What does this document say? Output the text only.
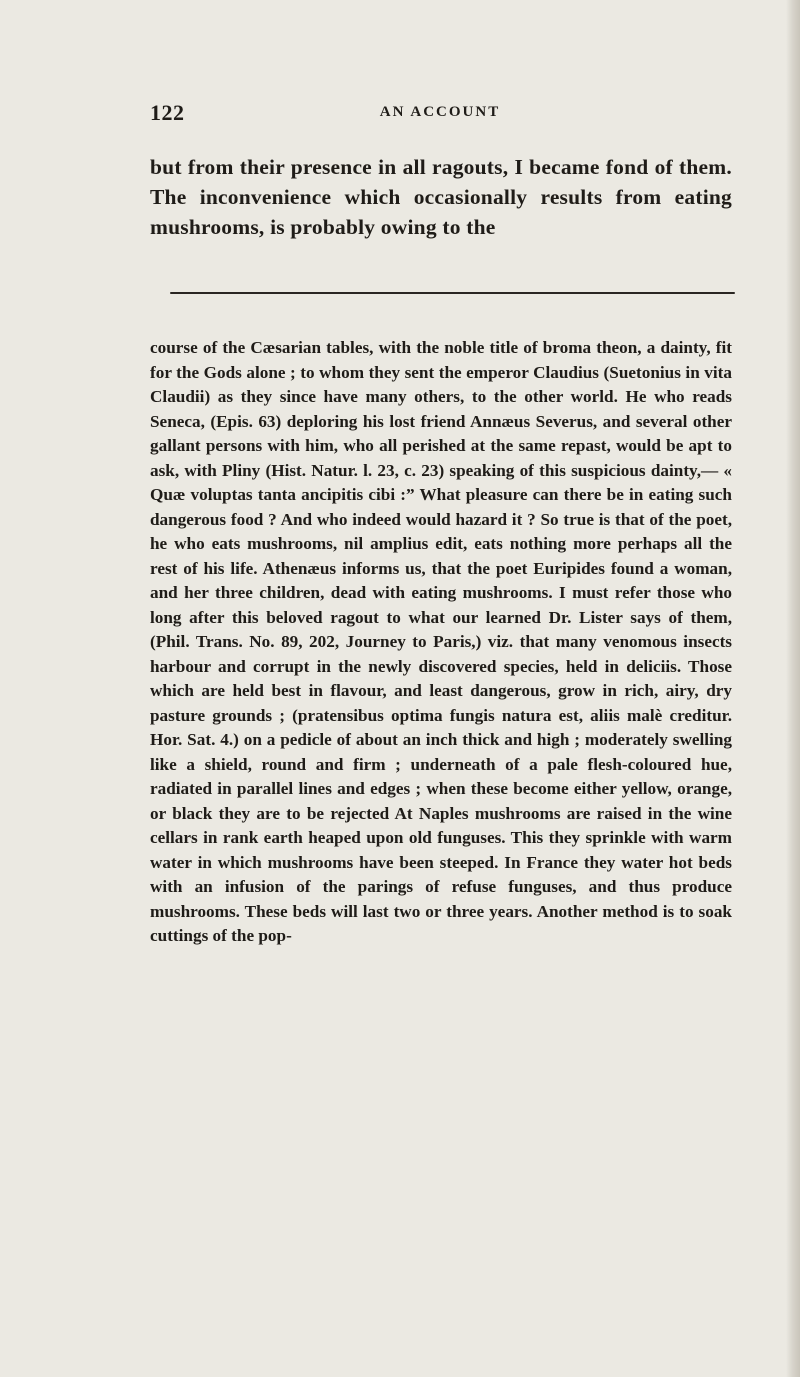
122	AN ACCOUNT

but from their presence in all ragouts, I became fond of them. The inconvenience which occasionally results from eating mushrooms, is probably owing to the

course of the Cæsarian tables, with the noble title of broma theon, a dainty, fit for the Gods alone ; to whom they sent the emperor Claudius (Suetonius in vita Claudii) as they since have many others, to the other world. He who reads Seneca, (Epis. 63) deploring his lost friend Annæus Severus, and several other gallant persons with him, who all perished at the same repast, would be apt to ask, with Pliny (Hist. Natur. l. 23, c. 23) speaking of this suspicious dainty,— « Quæ voluptas tanta ancipitis cibi :” What pleasure can there be in eating such dangerous food ? And who indeed would hazard it ? So true is that of the poet, he who eats mushrooms, nil amplius edit, eats nothing more perhaps all the rest of his life. Athenæus informs us, that the poet Euripides found a woman, and her three children, dead with eating mushrooms. I must refer those who long after this beloved ragout to what our learned Dr. Lister says of them, (Phil. Trans. No. 89, 202, Journey to Paris,) viz. that many venomous insects harbour and corrupt in the newly discovered species, held in deliciis. Those which are held best in flavour, and least dangerous, grow in rich, airy, dry pasture grounds ; (pratensibus optima fungis natura est, aliis malè creditur. Hor. Sat. 4.) on a pedicle of about an inch thick and high ; moderately swelling like a shield, round and firm ; underneath of a pale flesh-coloured hue, radiated in parallel lines and edges ; when these become either yellow, orange, or black they are to be rejected At Naples mushrooms are raised in the wine cellars in rank earth heaped upon old funguses. This they sprinkle with warm water in which mushrooms have been steeped. In France they water hot beds with an infusion of the parings of refuse funguses, and thus produce mushrooms. These beds will last two or three years. Another method is to soak cuttings of the pop-
